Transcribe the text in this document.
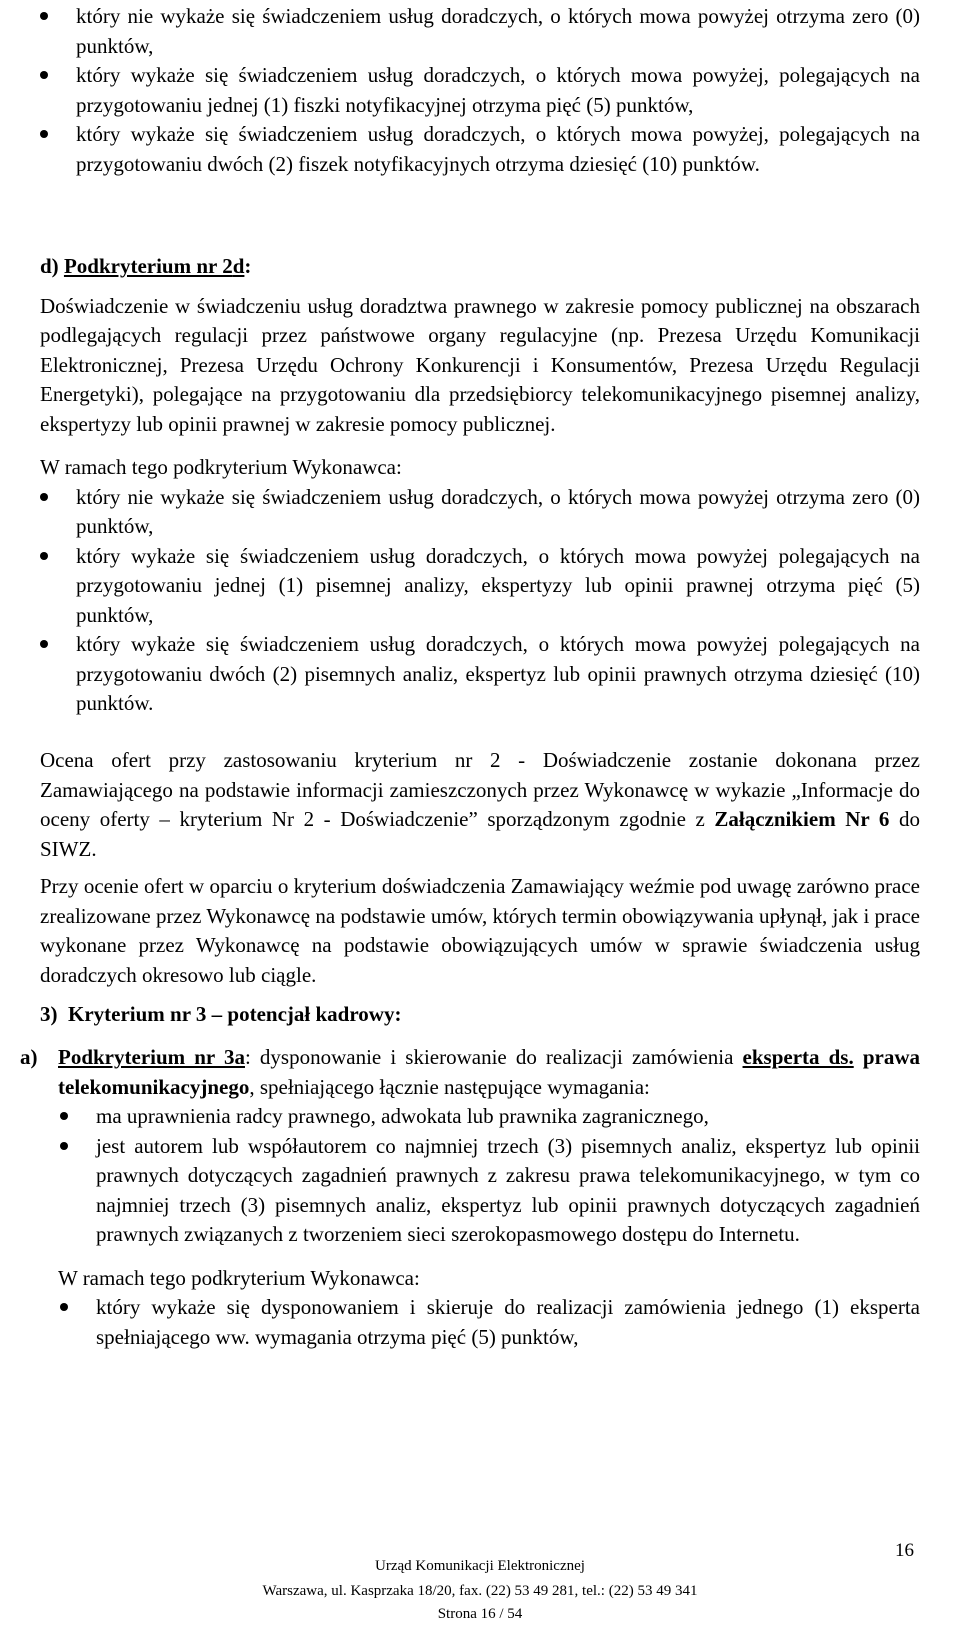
który nie wykaże się świadczeniem usług doradczych, o których mowa powyżej otrzyma zero (0) punktów,
który wykaże się świadczeniem usług doradczych, o których mowa powyżej, polegających na przygotowaniu jednej (1) fiszki notyfikacyjnej otrzyma pięć (5) punktów,
który wykaże się świadczeniem usług doradczych, o których mowa powyżej, polegających na przygotowaniu dwóch (2) fiszek notyfikacyjnych otrzyma dziesięć (10) punktów.

d) Podkryterium nr 2d:

Doświadczenie w świadczeniu usług doradztwa prawnego w zakresie pomocy publicznej na obszarach podlegających regulacji przez państwowe organy regulacyjne (np. Prezesa Urzędu Komunikacji Elektronicznej, Prezesa Urzędu Ochrony Konkurencji i Konsumentów, Prezesa Urzędu Regulacji Energetyki), polegające na przygotowaniu dla przedsiębiorcy telekomunikacyjnego pisemnej analizy, ekspertyzy lub opinii prawnej w zakresie pomocy publicznej.

W ramach tego podkryterium Wykonawca:

który nie wykaże się świadczeniem usług doradczych, o których mowa powyżej otrzyma zero (0) punktów,
który wykaże się świadczeniem usług doradczych, o których mowa powyżej polegających na przygotowaniu jednej (1) pisemnej analizy, ekspertyzy lub opinii prawnej otrzyma pięć (5) punktów,
który wykaże się świadczeniem usług doradczych, o których mowa powyżej polegających na przygotowaniu dwóch (2) pisemnych analiz, ekspertyz lub opinii prawnych otrzyma dziesięć (10) punktów.

Ocena ofert przy zastosowaniu kryterium nr 2 - Doświadczenie zostanie dokonana przez Zamawiającego na podstawie informacji zamieszczonych przez Wykonawcę w wykazie „Informacje do oceny oferty – kryterium Nr 2 - Doświadczenie” sporządzonym zgodnie z Załącznikiem Nr 6 do SIWZ.

Przy ocenie ofert w oparciu o kryterium doświadczenia Zamawiający weźmie pod uwagę zarówno prace zrealizowane przez Wykonawcę na podstawie umów, których termin obowiązywania upłynął, jak i prace wykonane przez Wykonawcę na podstawie obowiązujących umów w sprawie świadczenia usług doradczych okresowo lub ciągle.

3) Kryterium nr 3 – potencjał kadrowy:

a) Podkryterium nr 3a: dysponowanie i skierowanie do realizacji zamówienia eksperta ds. prawa telekomunikacyjnego, spełniającego łącznie następujące wymagania:

ma uprawnienia radcy prawnego, adwokata lub prawnika zagranicznego,
jest autorem lub współautorem co najmniej trzech (3) pisemnych analiz, ekspertyz lub opinii prawnych dotyczących zagadnień prawnych z zakresu prawa telekomunikacyjnego, w tym co najmniej trzech (3) pisemnych analiz, ekspertyz lub opinii prawnych dotyczących zagadnień prawnych związanych z tworzeniem sieci szerokopasmowego dostępu do Internetu.

W ramach tego podkryterium Wykonawca:

który wykaże się dysponowaniem i skieruje do realizacji zamówienia jednego (1) eksperta spełniającego ww. wymagania otrzyma pięć (5) punktów,
Urząd Komunikacji Elektronicznej
Warszawa, ul. Kasprzaka 18/20, fax. (22) 53 49 281, tel.: (22) 53 49 341
Strona 16 / 54
16
